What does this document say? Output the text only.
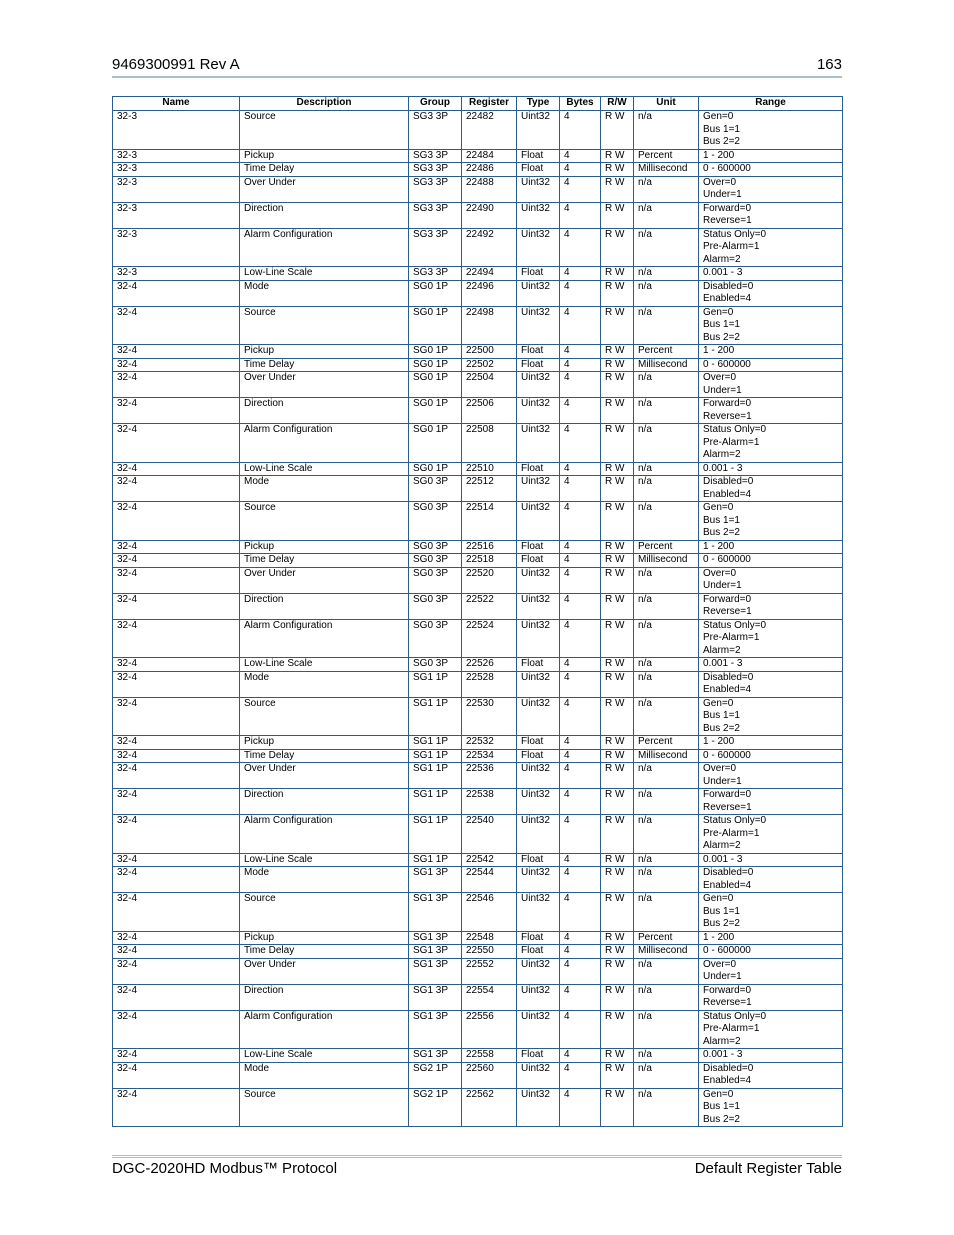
9469300991 Rev A	163
Name	Description	Group	Register	Type	Bytes	R/W	Unit	Range
32-3	Source	SG3 3P	22482	Uint32	4	R W	n/a	Gen=0
Bus 1=1
Bus 2=2
32-3	Pickup	SG3 3P	22484	Float	4	R W	Percent	1 - 200
32-3	Time Delay	SG3 3P	22486	Float	4	R W	Millisecond	0 - 600000
32-3	Over Under	SG3 3P	22488	Uint32	4	R W	n/a	Over=0
Under=1
32-3	Direction	SG3 3P	22490	Uint32	4	R W	n/a	Forward=0
Reverse=1
32-3	Alarm Configuration	SG3 3P	22492	Uint32	4	R W	n/a	Status Only=0
Pre-Alarm=1
Alarm=2
32-3	Low-Line Scale	SG3 3P	22494	Float	4	R W	n/a	0.001 - 3
32-4	Mode	SG0 1P	22496	Uint32	4	R W	n/a	Disabled=0
Enabled=4
32-4	Source	SG0 1P	22498	Uint32	4	R W	n/a	Gen=0
Bus 1=1
Bus 2=2
32-4	Pickup	SG0 1P	22500	Float	4	R W	Percent	1 - 200
32-4	Time Delay	SG0 1P	22502	Float	4	R W	Millisecond	0 - 600000
32-4	Over Under	SG0 1P	22504	Uint32	4	R W	n/a	Over=0
Under=1
32-4	Direction	SG0 1P	22506	Uint32	4	R W	n/a	Forward=0
Reverse=1
32-4	Alarm Configuration	SG0 1P	22508	Uint32	4	R W	n/a	Status Only=0
Pre-Alarm=1
Alarm=2
32-4	Low-Line Scale	SG0 1P	22510	Float	4	R W	n/a	0.001 - 3
32-4	Mode	SG0 3P	22512	Uint32	4	R W	n/a	Disabled=0
Enabled=4
32-4	Source	SG0 3P	22514	Uint32	4	R W	n/a	Gen=0
Bus 1=1
Bus 2=2
32-4	Pickup	SG0 3P	22516	Float	4	R W	Percent	1 - 200
32-4	Time Delay	SG0 3P	22518	Float	4	R W	Millisecond	0 - 600000
32-4	Over Under	SG0 3P	22520	Uint32	4	R W	n/a	Over=0
Under=1
32-4	Direction	SG0 3P	22522	Uint32	4	R W	n/a	Forward=0
Reverse=1
32-4	Alarm Configuration	SG0 3P	22524	Uint32	4	R W	n/a	Status Only=0
Pre-Alarm=1
Alarm=2
32-4	Low-Line Scale	SG0 3P	22526	Float	4	R W	n/a	0.001 - 3
32-4	Mode	SG1 1P	22528	Uint32	4	R W	n/a	Disabled=0
Enabled=4
32-4	Source	SG1 1P	22530	Uint32	4	R W	n/a	Gen=0
Bus 1=1
Bus 2=2
32-4	Pickup	SG1 1P	22532	Float	4	R W	Percent	1 - 200
32-4	Time Delay	SG1 1P	22534	Float	4	R W	Millisecond	0 - 600000
32-4	Over Under	SG1 1P	22536	Uint32	4	R W	n/a	Over=0
Under=1
32-4	Direction	SG1 1P	22538	Uint32	4	R W	n/a	Forward=0
Reverse=1
32-4	Alarm Configuration	SG1 1P	22540	Uint32	4	R W	n/a	Status Only=0
Pre-Alarm=1
Alarm=2
32-4	Low-Line Scale	SG1 1P	22542	Float	4	R W	n/a	0.001 - 3
32-4	Mode	SG1 3P	22544	Uint32	4	R W	n/a	Disabled=0
Enabled=4
32-4	Source	SG1 3P	22546	Uint32	4	R W	n/a	Gen=0
Bus 1=1
Bus 2=2
32-4	Pickup	SG1 3P	22548	Float	4	R W	Percent	1 - 200
32-4	Time Delay	SG1 3P	22550	Float	4	R W	Millisecond	0 - 600000
32-4	Over Under	SG1 3P	22552	Uint32	4	R W	n/a	Over=0
Under=1
32-4	Direction	SG1 3P	22554	Uint32	4	R W	n/a	Forward=0
Reverse=1
32-4	Alarm Configuration	SG1 3P	22556	Uint32	4	R W	n/a	Status Only=0
Pre-Alarm=1
Alarm=2
32-4	Low-Line Scale	SG1 3P	22558	Float	4	R W	n/a	0.001 - 3
32-4	Mode	SG2 1P	22560	Uint32	4	R W	n/a	Disabled=0
Enabled=4
32-4	Source	SG2 1P	22562	Uint32	4	R W	n/a	Gen=0
Bus 1=1
Bus 2=2
DGC-2020HD Modbus™ Protocol	Default Register Table
